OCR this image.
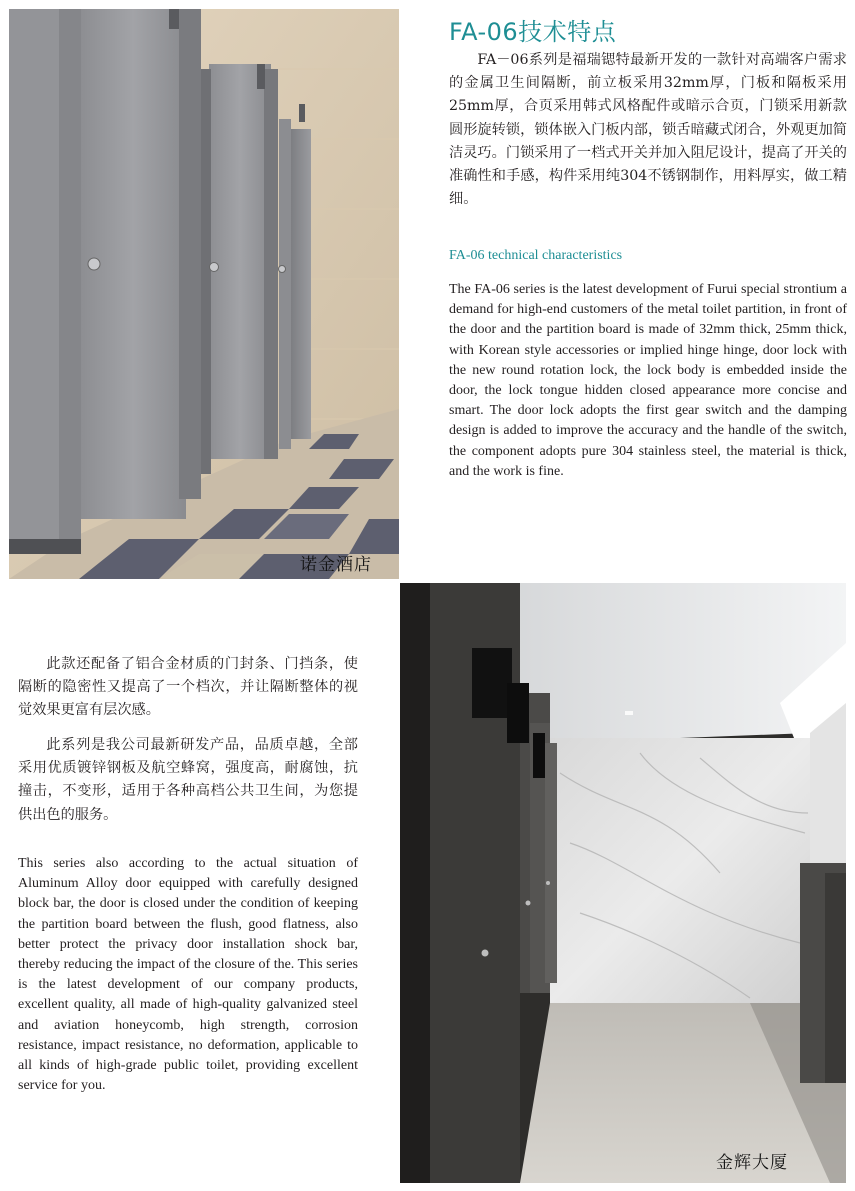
诺金酒店
FA-06技术特点

FA－06系列是福瑞锶特最新开发的一款针对高端客户需求的金属卫生间隔断，前立板采用32mm厚，门板和隔板采用25mm厚，合页采用韩式风格配件或暗示合页，门锁采用新款圆形旋转锁，锁体嵌入门板内部，锁舌暗藏式闭合，外观更加简洁灵巧。门锁采用了一档式开关并加入阻尼设计，提高了开关的准确性和手感，构件采用纯304不锈钢制作，用料厚实，做工精细。

FA-06 technical characteristics

The FA-06 series is the latest development of Furui special strontium a demand for high-end customers of the metal toilet partition, in front of the door and the partition board is made of 32mm thick, 25mm thick, with Korean style accessories or implied hinge hinge, door lock with the new round rotation lock, the lock body is embedded inside the door, the lock tongue hidden closed appearance more concise and smart. The door lock adopts the first gear switch and the damping design is added to improve the accuracy and the handle of the switch, the component adopts pure 304 stainless steel, the material is thick, and the work is fine.

此款还配备了铝合金材质的门封条、门挡条，使隔断的隐密性又提高了一个档次，并让隔断整体的视觉效果更富有层次感。

此系列是我公司最新研发产品，品质卓越，全部采用优质镀锌钢板及航空蜂窝，强度高，耐腐蚀，抗撞击，不变形，适用于各种高档公共卫生间，为您提供出色的服务。

This series also according to the actual situation of Aluminum Alloy door equipped with carefully designed block bar, the door is closed under the condition of keeping the partition board between the flush, good flatness, also better protect the privacy door installation shock bar, thereby reducing the impact of the closure of the. This series is the latest development of our company products, excellent quality, all made of high-quality galvanized steel and aviation honeycomb, high strength, corrosion resistance, impact resistance, no deformation, applicable to all kinds of high-grade public toilet, providing excellent service for you.

金辉大厦
